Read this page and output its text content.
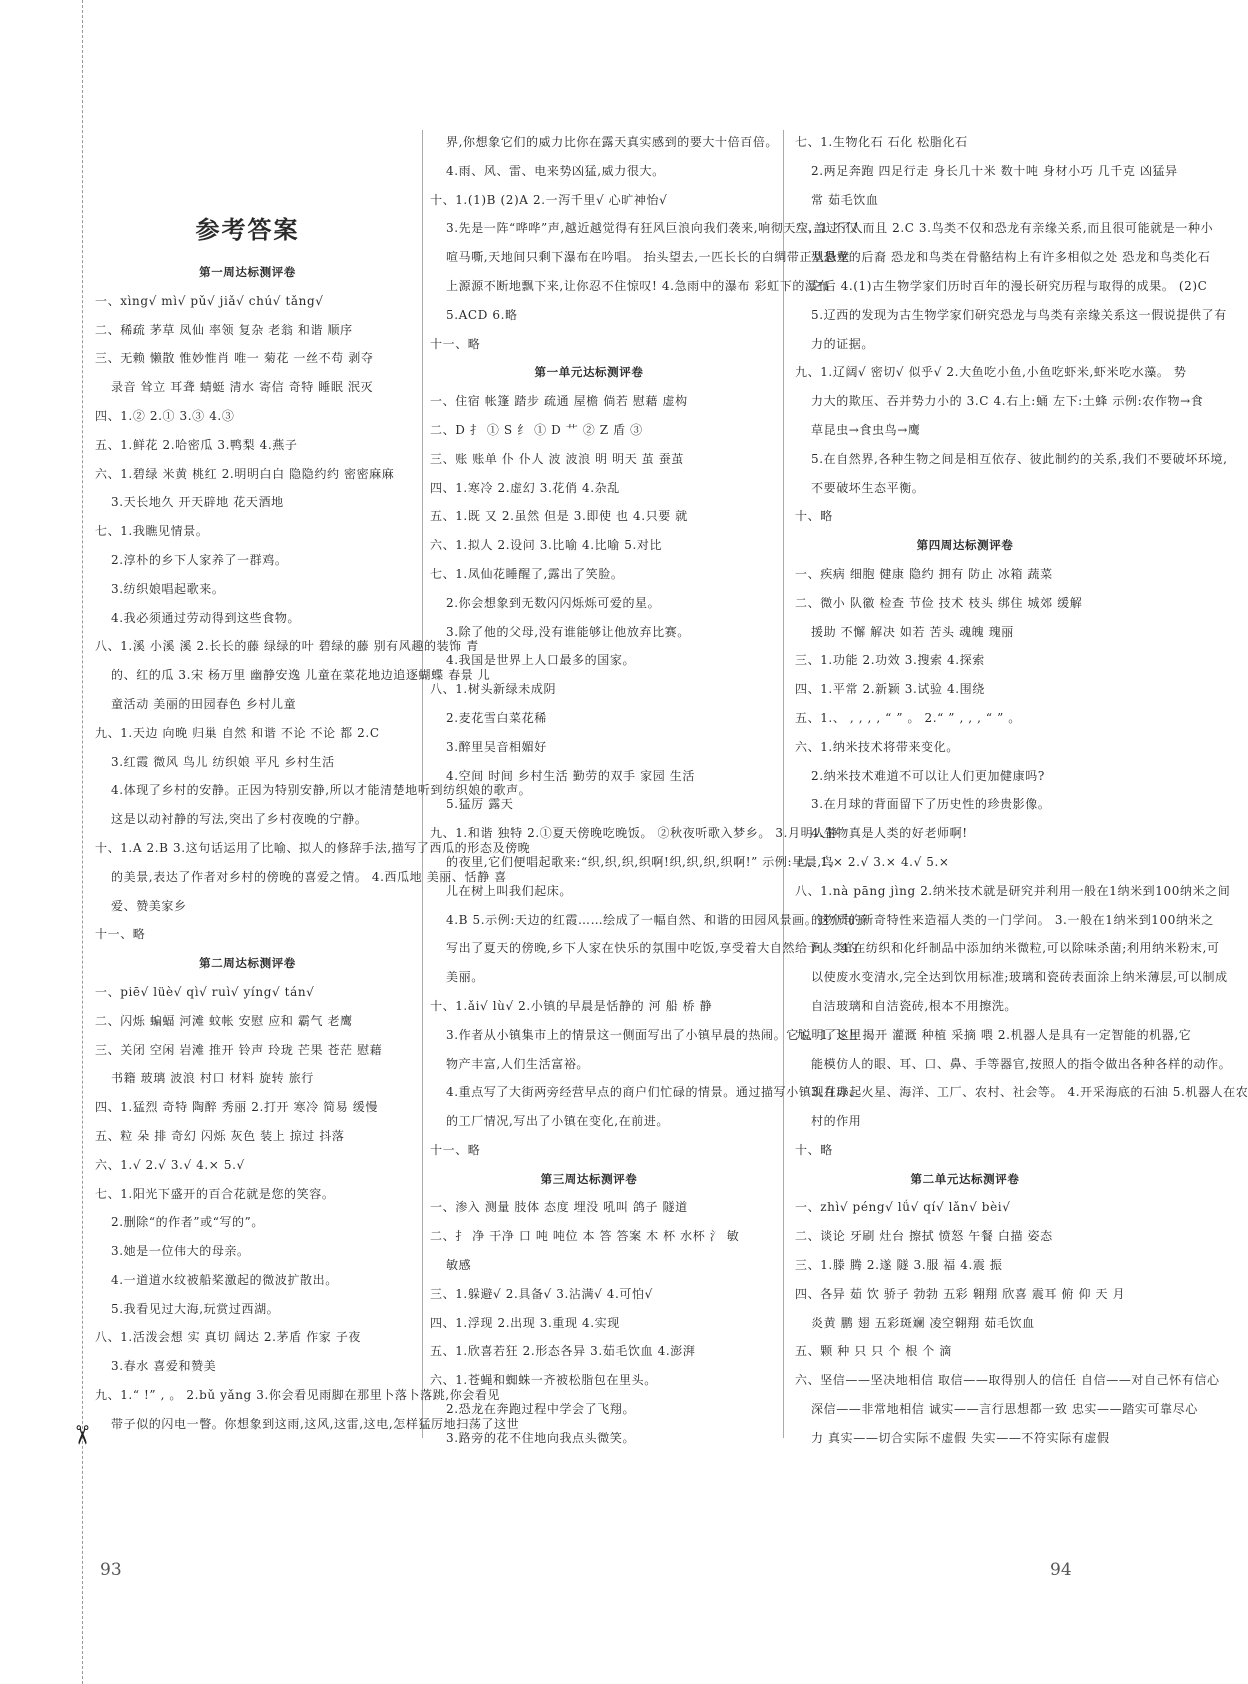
✂
参考答案
第一周达标测评卷
一、xìng√ mì√ pǔ√ jiǎ√ chú√ tǎng√
二、稀疏 茅草 凤仙 率领 复杂 老翁 和谐 顺序
三、无赖 懒散 惟妙惟肖 唯一 菊花 一丝不苟 剥夺
录音 耸立 耳聋 蜻蜓 清水 寄信 奇特 睡眠 泯灭
四、1.② 2.① 3.③ 4.③
五、1.鲜花 2.哈密瓜 3.鸭梨 4.燕子
六、1.碧绿 米黄 桃红 2.明明白白 隐隐约约 密密麻麻
3.天长地久 开天辟地 花天酒地
七、1.我瞧见情景。
2.淳朴的乡下人家养了一群鸡。
3.纺织娘唱起歌来。
4.我必须通过劳动得到这些食物。
八、1.溪 小溪 溪 2.长长的藤 绿绿的叶 碧绿的藤 别有风趣的装饰 青
的、红的瓜 3.宋 杨万里 幽静安逸 儿童在菜花地边追逐蝴蝶 春景 儿
童活动 美丽的田园春色 乡村儿童
九、1.天边 向晚 归巢 自然 和谐 不论 不论 都 2.C
3.红霞 微风 鸟儿 纺织娘 平凡 乡村生活
4.体现了乡村的安静。正因为特别安静,所以才能清楚地听到纺织娘的歌声。
这是以动衬静的写法,突出了乡村夜晚的宁静。
十、1.A 2.B 3.这句话运用了比喻、拟人的修辞手法,描写了西瓜的形态及傍晚
的美景,表达了作者对乡村的傍晚的喜爱之情。 4.西瓜地 美丽、恬静 喜
爱、赞美家乡
十一、略
第二周达标测评卷
一、piē√ lüè√ qì√ ruì√ yíng√ tán√
二、闪烁 蝙蝠 河滩 蚊帐 安慰 应和 霸气 老鹰
三、关闭 空闲 岩滩 推开 铃声 玲珑 芒果 苍茫 慰藉
书籍 玻璃 波浪 村口 材料 旋转 旅行
四、1.猛烈 奇特 陶醉 秀丽 2.打开 寒冷 简易 缓慢
五、粒 朵 排 奇幻 闪烁 灰色 装上 掠过 抖落
六、1.√ 2.√ 3.√ 4.× 5.√
七、1.阳光下盛开的百合花就是您的笑容。
2.删除“的作者”或“写的”。
3.她是一位伟大的母亲。
4.一道道水纹被船桨激起的微波扩散出。
5.我看见过大海,玩赏过西湖。
八、1.活泼会想 实 真切 阔达 2.茅盾 作家 子夜
3.春水 喜爱和赞美
九、1.“ !” , 。 2.bǔ yǎng 3.你会看见雨脚在那里卜落卜落跳,你会看见
带子似的闪电一瞥。你想象到这雨,这风,这雷,这电,怎样猛厉地扫荡了这世
界,你想象它们的威力比你在露天真实感到的要大十倍百倍。
4.雨、风、雷、电来势凶猛,威力很大。
十、1.(1)B (2)A 2.一泻千里√ 心旷神怡√
3.先是一阵“哗哗”声,越近越觉得有狂风巨浪向我们袭来,响彻天空,盖过了人
喧马嘶,天地间只剩下瀑布在吟唱。 抬头望去,一匹长长的白绸带正从悬壁
上源源不断地飘下来,让你忍不住惊叹! 4.急雨中的瀑布 彩虹下的瀑布
5.ACD 6.略
十一、略
第一单元达标测评卷
一、住宿 帐篷 踏步 疏通 屋檐 倘若 慰藉 虚构
二、D 扌 ① S 纟 ① D 艹 ② Z 盾 ③
三、账 账单 仆 仆人 波 波浪 明 明天 茧 蚕茧
四、1.寒冷 2.虚幻 3.花俏 4.杂乱
五、1.既 又 2.虽然 但是 3.即使 也 4.只要 就
六、1.拟人 2.设问 3.比喻 4.比喻 5.对比
七、1.凤仙花睡醒了,露出了笑脸。
2.你会想象到无数闪闪烁烁可爱的星。
3.除了他的父母,没有谁能够让他放弃比赛。
4.我国是世界上人口最多的国家。
八、1.树头新绿未成阴
2.麦花雪白菜花稀
3.醉里吴音相媚好
4.空间 时间 乡村生活 勤劳的双手 家园 生活
5.猛厉 露天
九、1.和谐 独特 2.①夏天傍晚吃晚饭。 ②秋夜听歌入梦乡。 3.月明人静
的夜里,它们便唱起歌来:“织,织,织,织啊!织,织,织,织啊!” 示例:早晨,鸟
儿在树上叫我们起床。
4.B 5.示例:天边的红霞……绘成了一幅自然、和谐的田园风景画。这个句子
写出了夏天的傍晚,乡下人家在快乐的氛围中吃饭,享受着大自然给予人类的
美丽。
十、1.ǎi√ lù√ 2.小镇的早晨是恬静的 河 船 桥 静
3.作者从小镇集市上的情景这一侧面写出了小镇早晨的热闹。它说明了这里
物产丰富,人们生活富裕。
4.重点写了大街两旁经营早点的商户们忙碌的情景。通过描写小镇现在办起
的工厂情况,写出了小镇在变化,在前进。
十一、略
第三周达标测评卷
一、渗入 测量 肢体 态度 埋没 吼叫 鸽子 隧道
二、扌 净 干净 口 吨 吨位 本 答 答案 木 杯 水杯 氵 敏
敏感
三、1.躲避√ 2.具备√ 3.沾满√ 4.可怕√
四、1.浮现 2.出现 3.重现 4.实现
五、1.欣喜若狂 2.形态各异 3.茹毛饮血 4.澎湃
六、1.苍蝇和蜘蛛一齐被松脂包在里头。
2.恐龙在奔跑过程中学会了飞翔。
3.路旁的花不住地向我点头微笑。
七、1.生物化石 石化 松脂化石
2.两足奔跑 四足行走 身长几十米 数十吨 身材小巧 几千克 凶猛异
常 茹毛饮血
八、1.不仅 而且 2.C 3.鸟类不仅和恐龙有亲缘关系,而且很可能就是一种小
型恐龙的后裔 恐龙和鸟类在骨骼结构上有许多相似之处 恐龙和鸟类化石
之后 4.(1)古生物学家们历时百年的漫长研究历程与取得的成果。 (2)C
5.辽西的发现为古生物学家们研究恐龙与鸟类有亲缘关系这一假说提供了有
力的证据。
九、1.辽阔√ 密切√ 似乎√ 2.大鱼吃小鱼,小鱼吃虾米,虾米吃水藻。 势
力大的欺压、吞并势力小的 3.C 4.右上:蛹 左下:土蜂 示例:农作物→食
草昆虫→食虫鸟→鹰
5.在自然界,各种生物之间是相互依存、彼此制约的关系,我们不要破坏环境,
不要破坏生态平衡。
十、略
第四周达标测评卷
一、疾病 细胞 健康 隐约 拥有 防止 冰箱 蔬菜
二、微小 队徽 检查 节俭 技术 枝头 绑住 城郊 缓解
援助 不懈 解决 如若 苦头 魂魄 瑰丽
三、1.功能 2.功效 3.搜索 4.探索
四、1.平常 2.新颖 3.试验 4.围绕
五、1.、 , , , , “ ” 。 2.“ ” , , , “ ” 。
六、1.纳米技术将带来变化。
2.纳米技术难道不可以让人们更加健康吗?
3.在月球的背面留下了历史性的珍贵影像。
4.生物真是人类的好老师啊!
七、1.× 2.√ 3.× 4.√ 5.×
八、1.nà pāng jìng 2.纳米技术就是研究并利用一般在1纳米到100纳米之间
的物质的新奇特性来造福人类的一门学问。 3.一般在1纳米到100纳米之
间。 4.在纺织和化纤制品中添加纳米微粒,可以除味杀菌;利用纳米粉末,可
以使废水变清水,完全达到饮用标准;玻璃和瓷砖表面涂上纳米薄层,可以制成
自洁玻璃和自洁瓷砖,根本不用擦洗。
九、1.飞上 揭开 灌溉 种植 采摘 喂 2.机器人是具有一定智能的机器,它
能模仿人的眼、耳、口、鼻、手等器官,按照人的指令做出各种各样的动作。
3.月球、火星、海洋、工厂、农村、社会等。 4.开采海底的石油 5.机器人在农
村的作用
十、略
第二单元达标测评卷
一、zhì√ péng√ lǘ√ qí√ lǎn√ bèi√
二、谈论 牙刷 灶台 擦拭 愤怒 午餐 白描 姿态
三、1.滕 腾 2.遂 隧 3.服 福 4.震 振
四、各异 茹 饮 骄子 勃勃 五彩 翱翔 欣喜 震耳 俯 仰 天 月
炎黄 鹏 翅 五彩斑斓 凌空翱翔 茹毛饮血
五、颗 种 只 只 个 根 个 滴
六、坚信——坚决地相信 取信——取得别人的信任 自信——对自己怀有信心
深信——非常地相信 诚实——言行思想都一致 忠实——踏实可靠尽心
力 真实——切合实际不虚假 失实——不符实际有虚假
93	94
